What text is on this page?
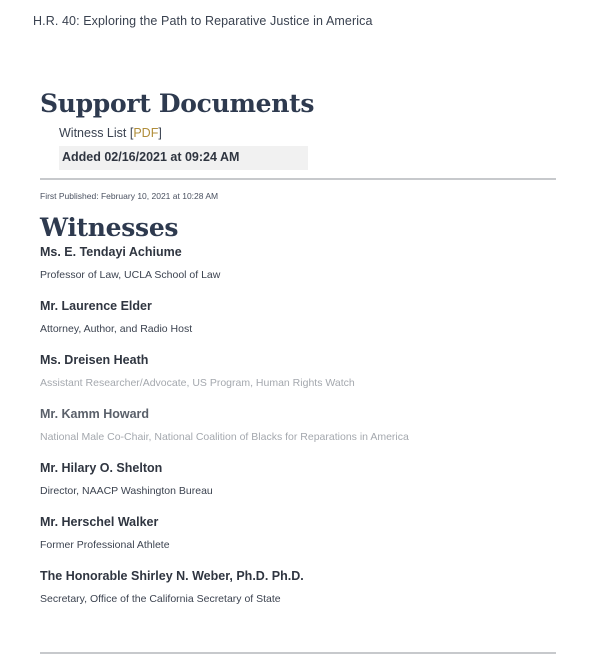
H.R. 40: Exploring the Path to Reparative Justice in America
Support Documents
Witness List [PDF]
Added 02/16/2021 at 09:24 AM
First Published: February 10, 2021 at 10:28 AM
Witnesses
Ms. E. Tendayi Achiume
Professor of Law, UCLA School of Law
Mr. Laurence Elder
Attorney, Author, and Radio Host
Ms. Dreisen Heath
Assistant Researcher/Advocate, US Program, Human Rights Watch
Mr. Kamm Howard
National Male Co-Chair, National Coalition of Blacks for Reparations in America
Mr. Hilary O. Shelton
Director, NAACP Washington Bureau
Mr. Herschel Walker
Former Professional Athlete
The Honorable Shirley N. Weber, Ph.D. Ph.D.
Secretary, Office of the California Secretary of State
